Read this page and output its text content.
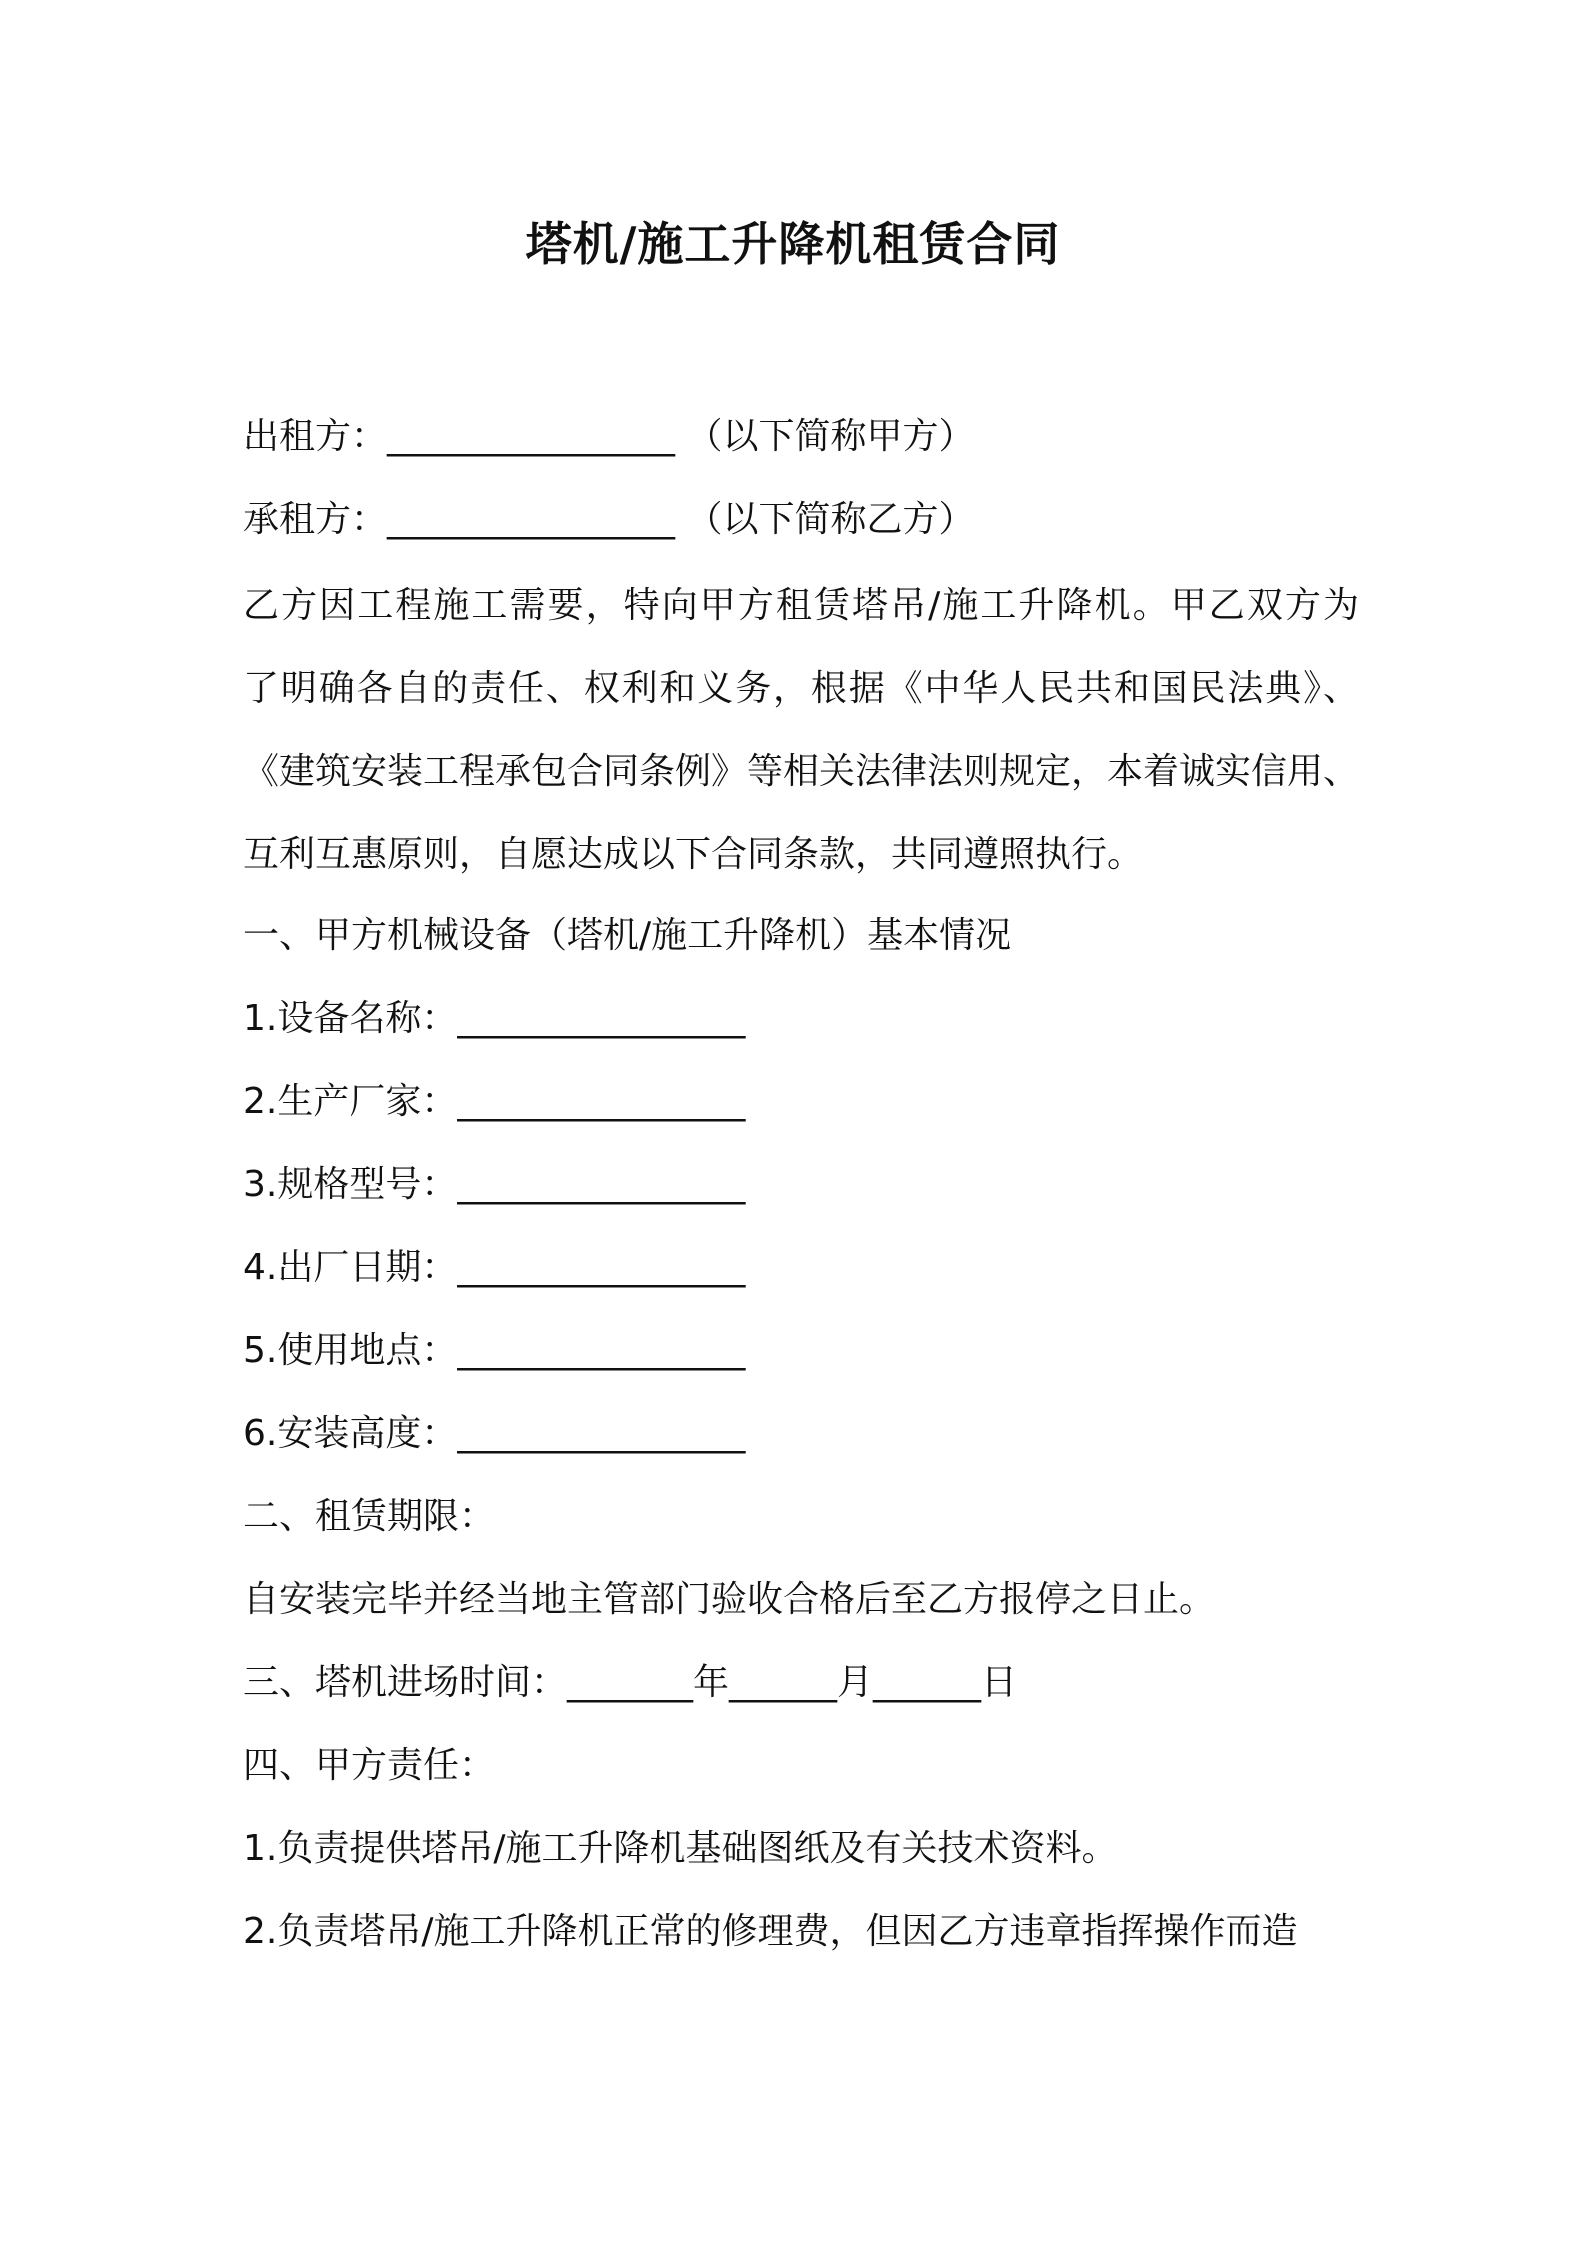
塔机/施工升降机租赁合同
出租方：________________ （以下简称甲方）
承租方：________________ （以下简称乙方）
乙方因工程施工需要，特向甲方租赁塔吊/施工升降机。甲乙双方为
了明确各自的责任、权利和义务，根据《中华人民共和国民法典》、
《建筑安装工程承包合同条例》等相关法律法则规定，本着诚实信用、
互利互惠原则，自愿达成以下合同条款，共同遵照执行。
一、甲方机械设备（塔机/施工升降机）基本情况
1.设备名称：________________
2.生产厂家：________________
3.规格型号：________________
4.出厂日期：________________
5.使用地点：________________
6.安装高度：________________
二、租赁期限：
自安装完毕并经当地主管部门验收合格后至乙方报停之日止。
三、塔机进场时间：_______年______月______日
四、甲方责任：
1.负责提供塔吊/施工升降机基础图纸及有关技术资料。
2.负责塔吊/施工升降机正常的修理费，但因乙方违章指挥操作而造
